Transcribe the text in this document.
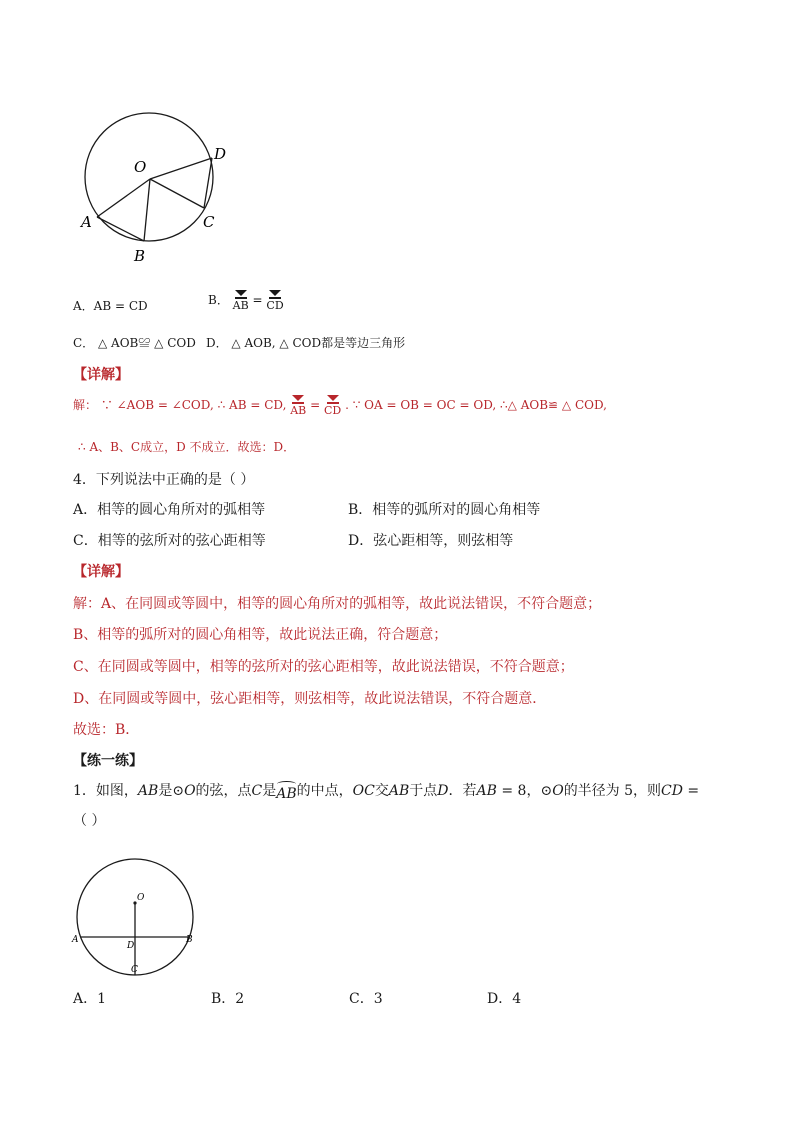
O
D
C
A
B
A．AB = CD	B． AB = CD
C． △ AOB≌ △ COD D． △ AOB, △ COD都是等边三角形
【详解】
解： ∵ ∠AOB = ∠COD, ∴ AB = CD, AB = CD . ∵ OA = OB = OC = OD, ∴△ AOB≌ △ COD,
∴ A、B、C成立，D 不成立．故选：D．
4．下列说法中正确的是（ ）
A．相等的圆心角所对的弧相等	B．相等的弧所对的圆心角相等
C．相等的弦所对的弦心距相等	D．弦心距相等，则弦相等
【详解】
解：A、在同圆或等圆中，相等的圆心角所对的弧相等，故此说法错误，不符合题意；
B、相等的弧所对的圆心角相等，故此说法正确，符合题意；
C、在同圆或等圆中，相等的弦所对的弦心距相等，故此说法错误，不符合题意；
D、在同圆或等圆中，弦心距相等，则弦相等，故此说法错误，不符合题意．
故选：B．
【练一练】
1．如图，AB是⊙O的弦，点C是
AB的中点，OC交AB于点D．若AB = 8，⊙O的半径为 5，则CD =
（ ）
O
A	B
D
C
A．1	B．2	C．3	D．4
